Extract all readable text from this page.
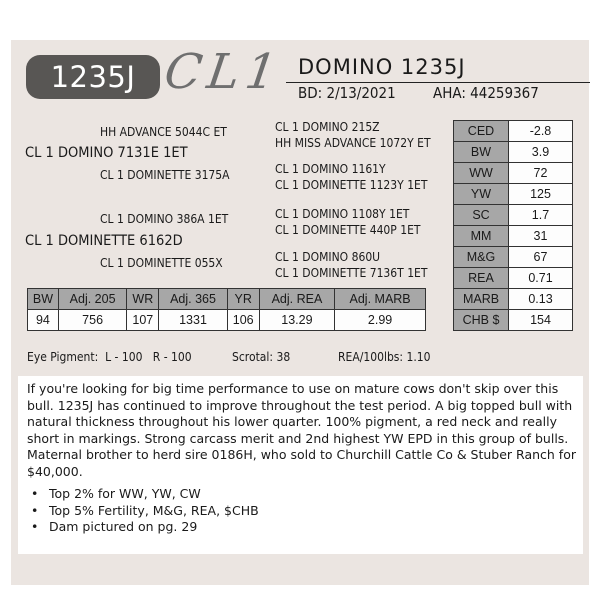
1235J CL1 DOMINO 1235J
BD: 2/13/2021 AHA: 44259367
HH ADVANCE 5044C ET
CL 1 DOMINO 7131E 1ET
CL 1 DOMINETTE 3175A
CL 1 DOMINO 386A 1ET
CL 1 DOMINETTE 6162D
CL 1 DOMINETTE 055X
CL 1 DOMINO 215Z
HH MISS ADVANCE 1072Y ET
CL 1 DOMINO 1161Y
CL 1 DOMINETTE 1123Y 1ET
CL 1 DOMINO 1108Y 1ET
CL 1 DOMINETTE 440P 1ET
CL 1 DOMINO 860U
CL 1 DOMINETTE 7136T 1ET
CED	-2.8
BW	3.9
WW	72
YW	125
SC	1.7
MM	31
M&G	67
REA	0.71
MARB	0.13
CHB $	154
BW	Adj. 205	WR	Adj. 365	YR	Adj. REA	Adj. MARB
94	756	107	1331	106	13.29	2.99
Eye Pigment:  L - 100   R - 100	Scrotal: 38	REA/100lbs: 1.10
If you're looking for big time performance to use on mature cows don't skip over this bull. 1235J has continued to improve throughout the test period. A big topped bull with natural thickness throughout his lower quarter. 100% pigment, a red neck and really short in markings. Strong carcass merit and 2nd highest YW EPD in this group of bulls. Maternal brother to herd sire 0186H, who sold to Churchill Cattle Co & Stuber Ranch for $40,000.
• Top 2% for WW, YW, CW
• Top 5% Fertility, M&G, REA, $CHB
• Dam pictured on pg. 29
